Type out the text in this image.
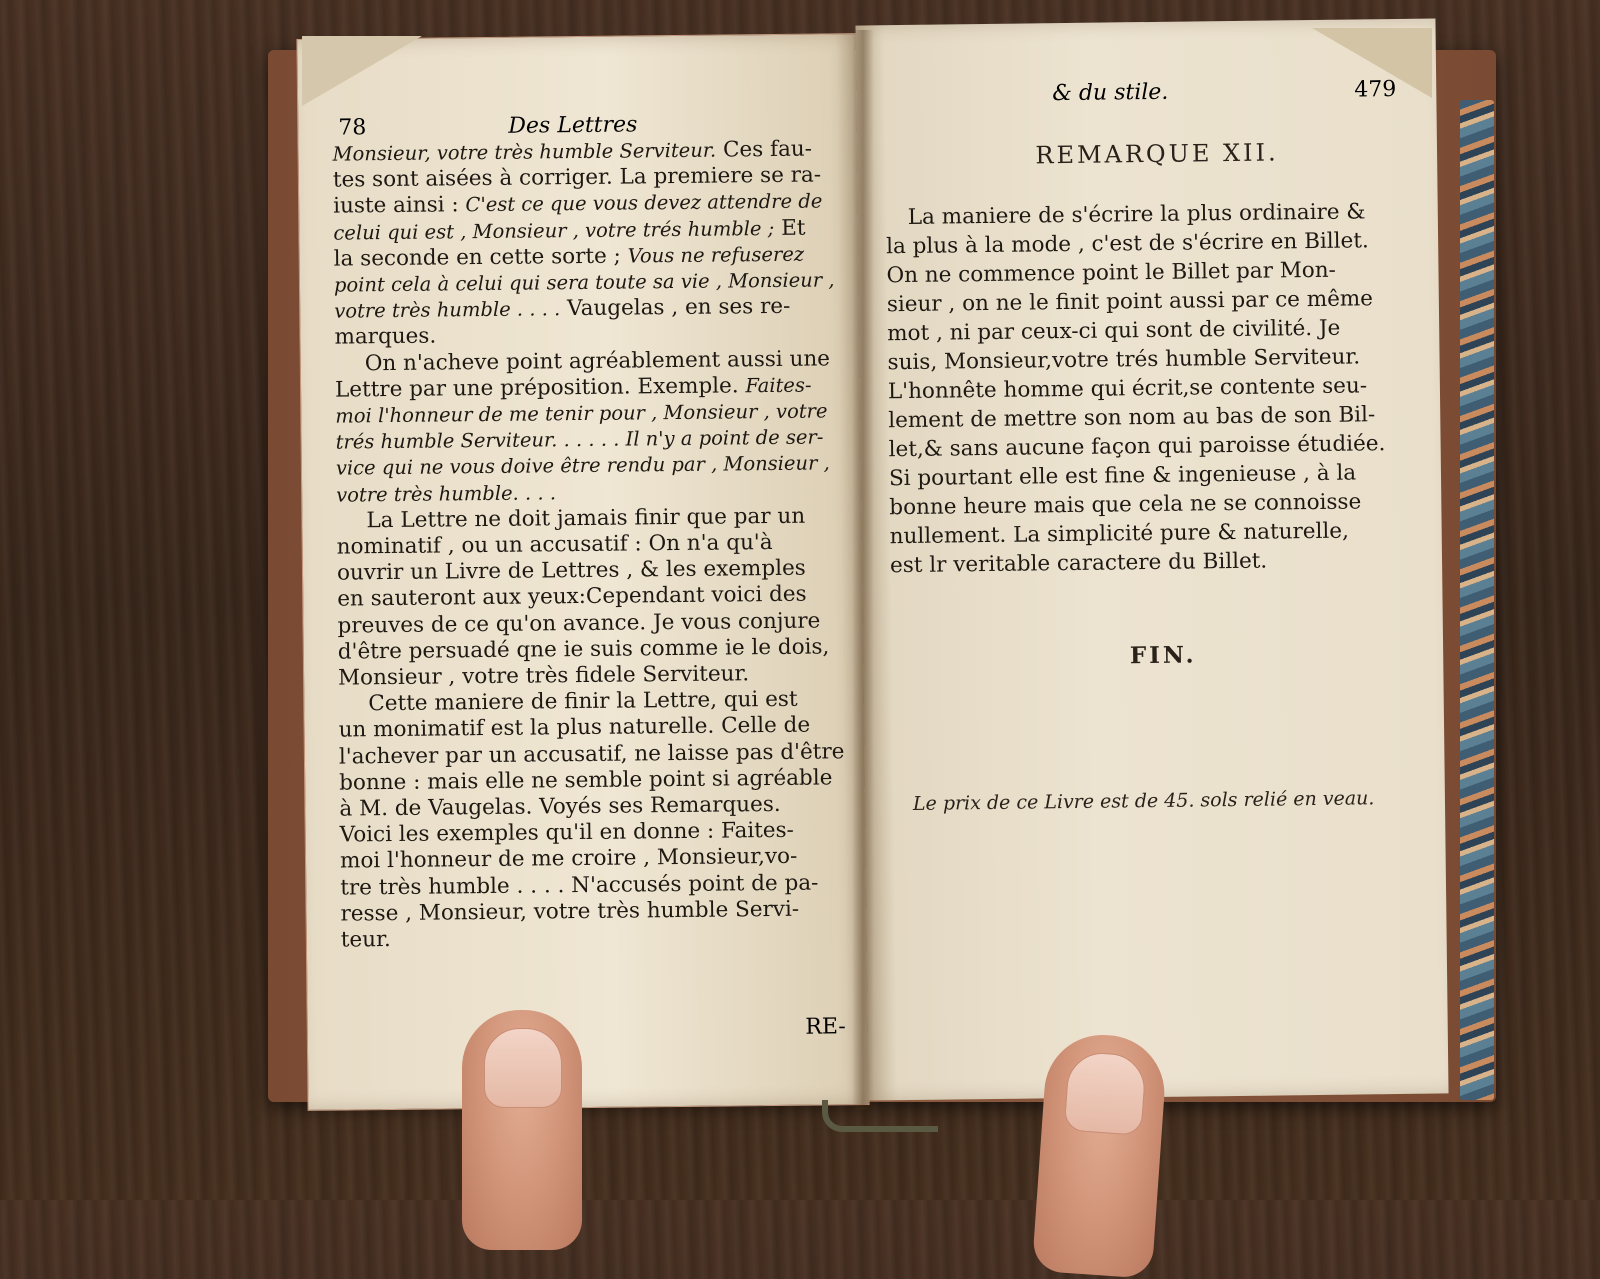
78	Des Lettres
Monsieur, votre très humble Serviteur. Ces fau-
tes sont aisées à corriger. La premiere se ra-
iuste ainsi : C'est ce que vous devez attendre de
celui qui est , Monsieur , votre trés humble ; Et
la seconde en cette sorte ; Vous ne refuserez
point cela à celui qui sera toute sa vie , Monsieur ,
votre très humble . . . . Vaugelas , en ses re-
marques.
On n'acheve point agréablement aussi une
Lettre par une préposition. Exemple. Faites-
moi l'honneur de me tenir pour , Monsieur , votre
trés humble Serviteur. . . . . . Il n'y a point de ser-
vice qui ne vous doive être rendu par , Monsieur ,
votre très humble. . . .
La Lettre ne doit jamais finir que par un
nominatif , ou un accusatif : On n'a qu'à
ouvrir un Livre de Lettres , & les exemples
en sauteront aux yeux:Cependant voici des
preuves de ce qu'on avance. Je vous conjure
d'être persuadé qne ie suis comme ie le dois,
Monsieur , votre très fidele Serviteur.
Cette maniere de finir la Lettre, qui est
un monimatif est la plus naturelle. Celle de
l'achever par un accusatif, ne laisse pas d'être
bonne : mais elle ne semble point si agréable
à M. de Vaugelas. Voyés ses Remarques.
Voici les exemples qu'il en donne : Faites-
moi l'honneur de me croire , Monsieur,vo-
tre très humble . . . . N'accusés point de pa-
resse , Monsieur, votre très humble Servi-
teur.
RE-
& du stile.	479
REMARQUE XII.

La maniere de s'écrire la plus ordinaire &
la plus à la mode , c'est de s'écrire en Billet.
On ne commence point le Billet par Mon-
sieur , on ne le finit point aussi par ce même
mot , ni par ceux-ci qui sont de civilité. Je
suis, Monsieur,votre trés humble Serviteur.
L'honnête homme qui écrit,se contente seu-
lement de mettre son nom au bas de son Bil-
let,& sans aucune façon qui paroisse étudiée.
Si pourtant elle est fine & ingenieuse , à la
bonne heure mais que cela ne se connoisse
nullement. La simplicité pure & naturelle,
est lr veritable caractere du Billet.

FIN.
Le prix de ce Livre est de 45. sols relié en veau.
